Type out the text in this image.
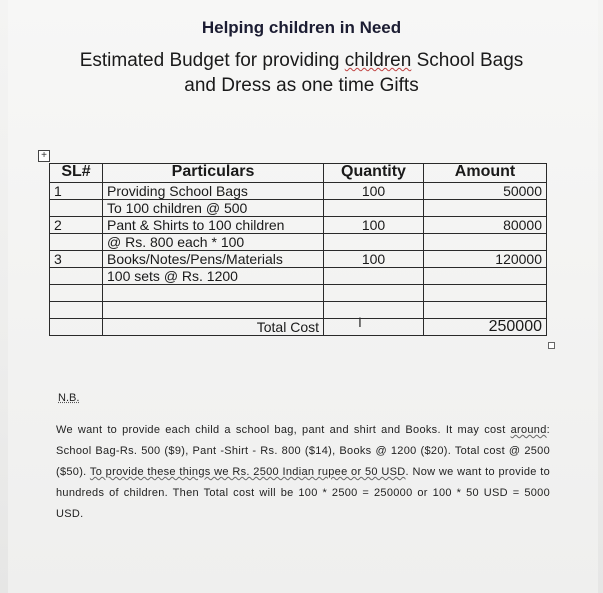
Helping children in Need
Estimated Budget for providing children School Bags
and Dress as one time Gifts
+
SL#	Particulars	Quantity	Amount
1	Providing School Bags	100	50000
	To 100 children @ 500		
2	Pant & Shirts to 100 children	100	80000
	@ Rs. 800 each * 100		
3	Books/Notes/Pens/Materials	100	120000
	100 sets @ Rs. 1200		

	Total Cost		250000
I
N.B.
We want to provide each child a school bag, pant and shirt and Books. It may cost around: School Bag-Rs. 500 ($9), Pant -Shirt - Rs. 800 ($14), Books @ 1200 ($20). Total cost @ 2500 ($50). To provide these things we Rs. 2500 Indian rupee or 50 USD. Now we want to provide to hundreds of children. Then Total cost will be 100 * 2500 = 250000 or 100 * 50 USD = 5000 USD.
